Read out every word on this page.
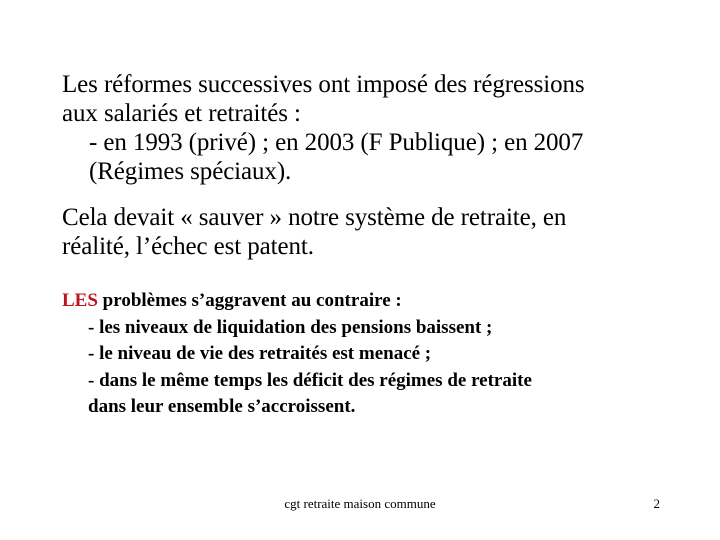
Les réformes successives ont imposé des régressions
aux salariés et retraités :
- en 1993 (privé) ; en 2003 (F Publique) ; en 2007
(Régimes spéciaux).
Cela devait « sauver » notre système de retraite, en
réalité, l’échec est patent.
LES problèmes s’aggravent au contraire :
- les niveaux de liquidation des pensions baissent ;
- le niveau de vie des retraités est menacé ;
- dans le même temps les déficit des régimes de retraite
dans leur ensemble s’accroissent.
cgt retraite maison commune	2
